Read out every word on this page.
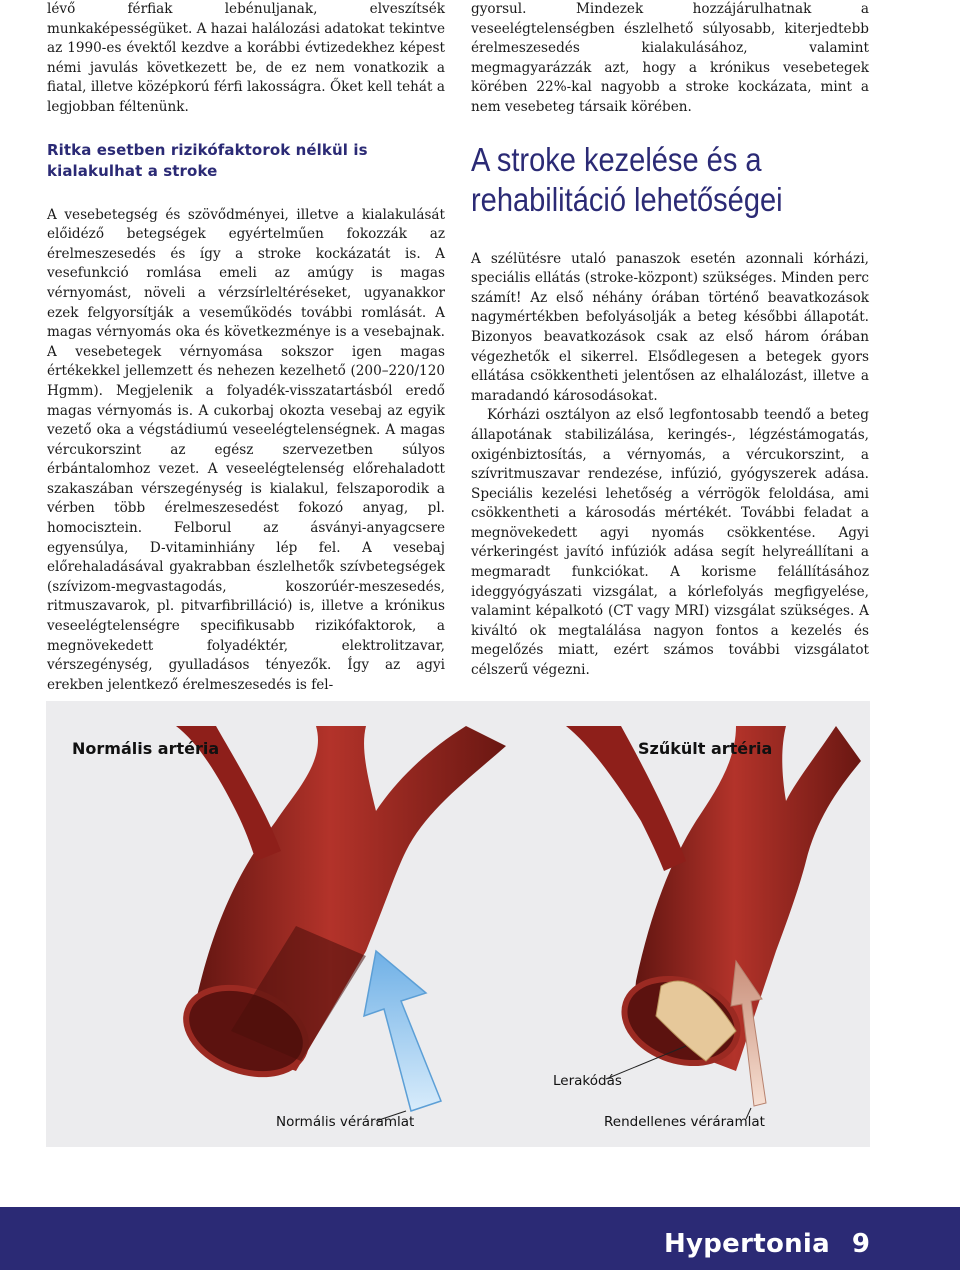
lévő férfiak lebénuljanak, elveszítsék munkaképességüket. A hazai halálozási adatokat tekintve az 1990-es évektől kezdve a korábbi évtizedekhez képest némi javulás következett be, de ez nem vonatkozik a fiatal, illetve középkorú férfi lakosságra. Őket kell tehát a legjobban féltenünk.

Ritka esetben rizikófaktorok nélkül is kialakulhat a stroke

A vesebetegség és szövődményei, illetve a kialakulását előidéző betegségek egyértelműen fokozzák az érelmeszesedés és így a stroke kockázatát is. A vesefunkció romlása emeli az amúgy is magas vérnyomást, növeli a vérzsírleltéréseket, ugyanakkor ezek felgyorsítják a veseműködés további romlását. A magas vérnyomás oka és következménye is a vesebajnak. A vesebetegek vérnyomása sokszor igen magas értékekkel jellemzett és nehezen kezelhető (200–220/120 Hgmm). Megjelenik a folyadék-visszatartásból eredő magas vérnyomás is. A cukorbaj okozta vesebaj az egyik vezető oka a végstádiumú veseelégtelenségnek. A magas vércukorszint az egész szervezetben súlyos érbántalomhoz vezet. A veseelégtelenség előrehaladott szakaszában vérszegénység is kialakul, felszaporodik a vérben több érelmeszesedést fokozó anyag, pl. homocisztein. Felborul az ásványi-anyagcsere egyensúlya, D-vitaminhiány lép fel. A vesebaj előrehaladásával gyakrabban észlelhetők szívbetegségek (szívizom-megvastagodás, koszorúér-meszesedés, ritmuszavarok, pl. pitvarfibrilláció) is, illetve a krónikus veseelégtelenségre specifikusabb rizikófaktorok, a megnövekedett folyadéktér, elektrolitzavar, vérszegénység, gyulladásos tényezők. Így az agyi erekben jelentkező érelmeszesedés is fel-

gyorsul. Mindezek hozzájárulhatnak a veseelégtelenségben észlelhető súlyosabb, kiterjedtebb érelmeszesedés kialakulásához, valamint megmagyarázzák azt, hogy a krónikus vesebetegek körében 22%-kal nagyobb a stroke kockázata, mint a nem vesebeteg társaik körében.

A stroke kezelése és a rehabilitáció lehetőségei

A szélütésre utaló panaszok esetén azonnali kórházi, speciális ellátás (stroke-központ) szükséges. Minden perc számít! Az első néhány órában történő beavatkozások nagymértékben befolyásolják a beteg későbbi állapotát. Bizonyos beavatkozások csak az első három órában végezhetők el sikerrel. Elsődlegesen a betegek gyors ellátása csökkentheti jelentősen az elhalálozást, illetve a maradandó károsodásokat.

Kórházi osztályon az első legfontosabb teendő a beteg állapotának stabilizálása, keringés-, légzéstámogatás, oxigénbiztosítás, a vérnyomás, a vércukorszint, a szívritmuszavar rendezése, infúzió, gyógyszerek adása. Speciális kezelési lehetőség a vérrögök feloldása, ami csökkentheti a károsodás mértékét. További feladat a megnövekedett agyi nyomás csökkentése. Agyi vérkeringést javító infúziók adása segít helyreállítani a megmaradt funkciókat. A korisme felállításához ideggyógyászati vizsgálat, a kórlefolyás megfigyelése, valamint képalkotó (CT vagy MRI) vizsgálat szükséges. A kiváltó ok megtalálása nagyon fontos a kezelés és megelőzés miatt, ezért számos további vizsgálatot célszerű végezni.

Normális artéria	Szűkült artéria
Lerakódás
Normális véráramlat	Rendellenes véráramlat
Hypertonia 9
